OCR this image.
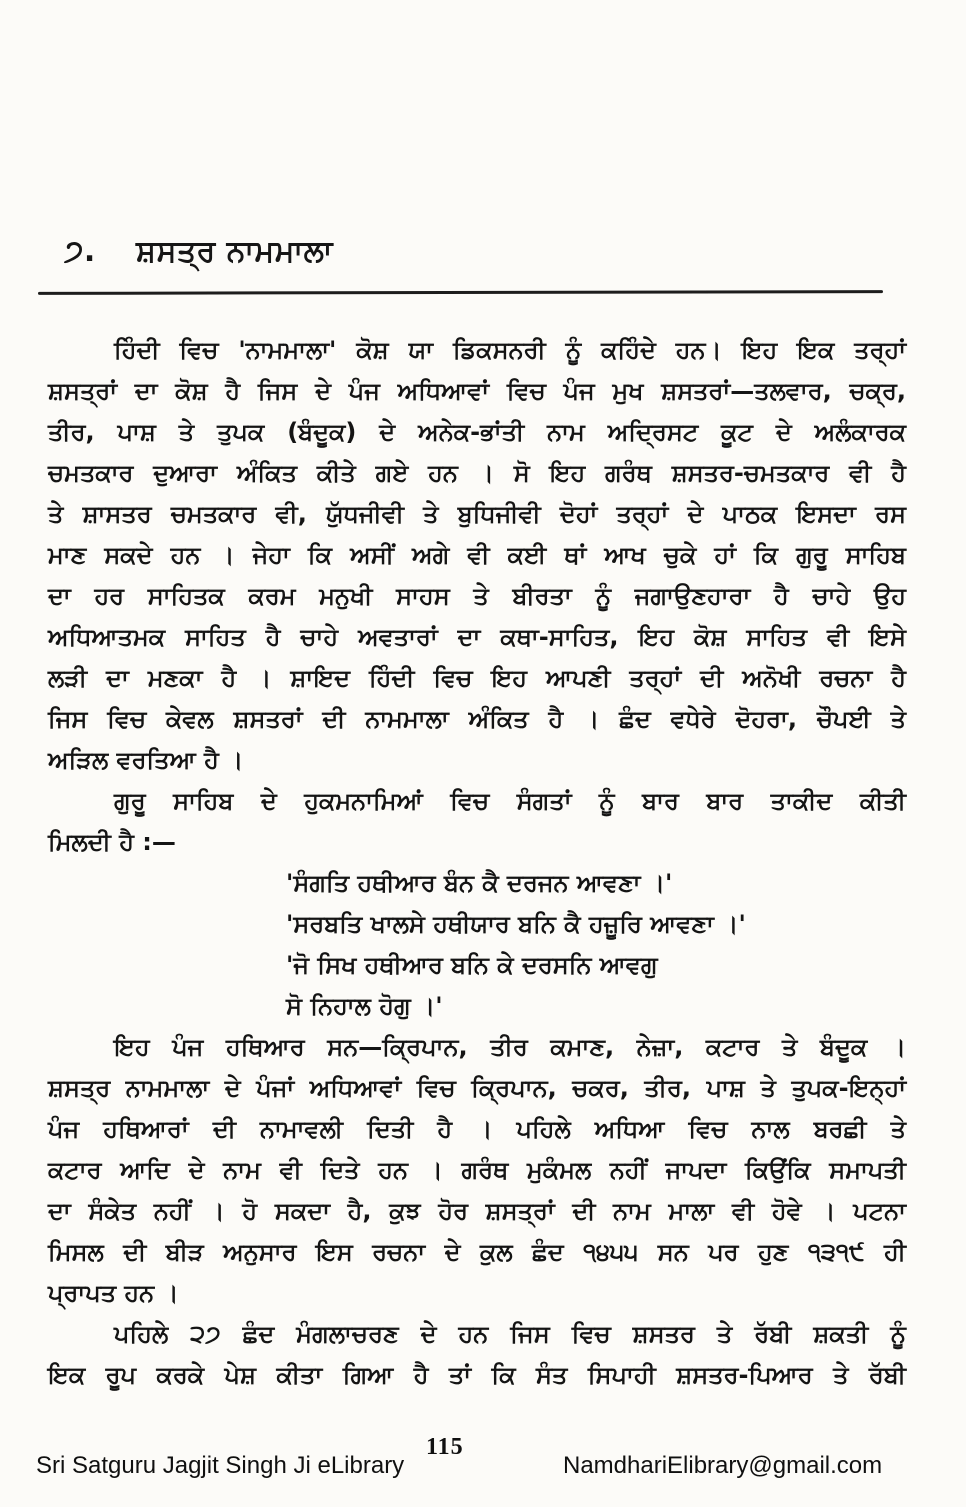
੭. ਸ਼ਸਤ੍ਰ ਨਾਮਮਾਲਾ
ਹਿੰਦੀ ਵਿਚ 'ਨਾਮਮਾਲਾ' ਕੋਸ਼ ਯਾ ਡਿਕਸਨਰੀ ਨੂੰ ਕਹਿੰਦੇ ਹਨ। ਇਹ ਇਕ ਤਰ੍ਹਾਂ
ਸ਼ਸਤ੍ਰਾਂ ਦਾ ਕੋਸ਼ ਹੈ ਜਿਸ ਦੇ ਪੰਜ ਅਧਿਆਵਾਂ ਵਿਚ ਪੰਜ ਮੁਖ ਸ਼ਸਤਰਾਂ—ਤਲਵਾਰ, ਚਕ੍ਰ,
ਤੀਰ, ਪਾਸ਼ ਤੇ ਤੁਪਕ (ਬੰਦੂਕ) ਦੇ ਅਨੇਕ-ਭਾਂਤੀ ਨਾਮ ਅਦ੍ਰਿਸਟ ਕੂਟ ਦੇ ਅਲੰਕਾਰਕ
ਚਮਤਕਾਰ ਦੁਆਰਾ ਅੰਕਿਤ ਕੀਤੇ ਗਏ ਹਨ । ਸੋ ਇਹ ਗਰੰਥ ਸ਼ਸਤਰ-ਚਮਤਕਾਰ ਵੀ ਹੈ
ਤੇ ਸ਼ਾਸਤਰ ਚਮਤਕਾਰ ਵੀ, ਯੁੱਧਜੀਵੀ ਤੇ ਬੁਧਿਜੀਵੀ ਦੋਹਾਂ ਤਰ੍ਹਾਂ ਦੇ ਪਾਠਕ ਇਸਦਾ ਰਸ
ਮਾਣ ਸਕਦੇ ਹਨ । ਜੇਹਾ ਕਿ ਅਸੀਂ ਅਗੇ ਵੀ ਕਈ ਥਾਂ ਆਖ ਚੁਕੇ ਹਾਂ ਕਿ ਗੁਰੂ ਸਾਹਿਬ
ਦਾ ਹਰ ਸਾਹਿਤਕ ਕਰਮ ਮਨੁਖੀ ਸਾਹਸ ਤੇ ਬੀਰਤਾ ਨੂੰ ਜਗਾਉਣਹਾਰਾ ਹੈ ਚਾਹੇ ਉਹ
ਅਧਿਆਤਮਕ ਸਾਹਿਤ ਹੈ ਚਾਹੇ ਅਵਤਾਰਾਂ ਦਾ ਕਥਾ-ਸਾਹਿਤ, ਇਹ ਕੋਸ਼ ਸਾਹਿਤ ਵੀ ਇਸੇ
ਲੜੀ ਦਾ ਮਣਕਾ ਹੈ । ਸ਼ਾਇਦ ਹਿੰਦੀ ਵਿਚ ਇਹ ਆਪਣੀ ਤਰ੍ਹਾਂ ਦੀ ਅਨੋਖੀ ਰਚਨਾ ਹੈ
ਜਿਸ ਵਿਚ ਕੇਵਲ ਸ਼ਸਤਰਾਂ ਦੀ ਨਾਮਮਾਲਾ ਅੰਕਿਤ ਹੈ । ਛੰਦ ਵਧੇਰੇ ਦੋਹਰਾ, ਚੌਪਈ ਤੇ
ਅੜਿਲ ਵਰਤਿਆ ਹੈ ।
ਗੁਰੂ ਸਾਹਿਬ ਦੇ ਹੁਕਮਨਾਮਿਆਂ ਵਿਚ ਸੰਗਤਾਂ ਨੂੰ ਬਾਰ ਬਾਰ ਤਾਕੀਦ ਕੀਤੀ
ਮਿਲਦੀ ਹੈ :—
'ਸੰਗਤਿ ਹਥੀਆਰ ਬੰਨ ਕੈ ਦਰਜਨ ਆਵਣਾ ।'
'ਸਰਬਤਿ ਖਾਲਸੇ ਹਥੀਯਾਰ ਬਨਿ ਕੈ ਹਜ਼ੂਰਿ ਆਵਣਾ ।'
'ਜੋ ਸਿਖ ਹਥੀਆਰ ਬਨਿ ਕੇ ਦਰਸਨਿ ਆਵਗੁ
ਸੋ ਨਿਹਾਲ ਹੋਗੁ ।'
ਇਹ ਪੰਜ ਹਥਿਆਰ ਸਨ—ਕ੍ਰਿਪਾਨ, ਤੀਰ ਕਮਾਣ, ਨੇਜ਼ਾ, ਕਟਾਰ ਤੇ ਬੰਦੂਕ ।
ਸ਼ਸਤ੍ਰ ਨਾਮਮਾਲਾ ਦੇ ਪੰਜਾਂ ਅਧਿਆਵਾਂ ਵਿਚ ਕ੍ਰਿਪਾਨ, ਚਕਰ, ਤੀਰ, ਪਾਸ਼ ਤੇ ਤੁਪਕ-ਇਨ੍ਹਾਂ
ਪੰਜ ਹਥਿਆਰਾਂ ਦੀ ਨਾਮਾਵਲੀ ਦਿਤੀ ਹੈ । ਪਹਿਲੇ ਅਧਿਆ ਵਿਚ ਨਾਲ ਬਰਛੀ ਤੇ
ਕਟਾਰ ਆਦਿ ਦੇ ਨਾਮ ਵੀ ਦਿਤੇ ਹਨ । ਗਰੰਥ ਮੁਕੰਮਲ ਨਹੀਂ ਜਾਪਦਾ ਕਿਉਂਕਿ ਸਮਾਪਤੀ
ਦਾ ਸੰਕੇਤ ਨਹੀਂ । ਹੋ ਸਕਦਾ ਹੈ, ਕੁਝ ਹੋਰ ਸ਼ਸਤ੍ਰਾਂ ਦੀ ਨਾਮ ਮਾਲਾ ਵੀ ਹੋਵੇ । ਪਟਨਾ
ਮਿਸਲ ਦੀ ਬੀੜ ਅਨੁਸਾਰ ਇਸ ਰਚਨਾ ਦੇ ਕੁਲ ਛੰਦ ੧੪੫੫ ਸਨ ਪਰ ਹੁਣ ੧੩੧੯ ਹੀ
ਪ੍ਰਾਪਤ ਹਨ ।
ਪਹਿਲੇ ੨੭ ਛੰਦ ਮੰਗਲਾਚਰਣ ਦੇ ਹਨ ਜਿਸ ਵਿਚ ਸ਼ਸਤਰ ਤੇ ਰੱਬੀ ਸ਼ਕਤੀ ਨੂੰ
ਇਕ ਰੂਪ ਕਰਕੇ ਪੇਸ਼ ਕੀਤਾ ਗਿਆ ਹੈ ਤਾਂ ਕਿ ਸੰਤ ਸਿਪਾਹੀ ਸ਼ਸਤਰ-ਪਿਆਰ ਤੇ ਰੱਬੀ
Sri Satguru Jagjit Singh Ji eLibrary
115
NamdhariElibrary@gmail.com
